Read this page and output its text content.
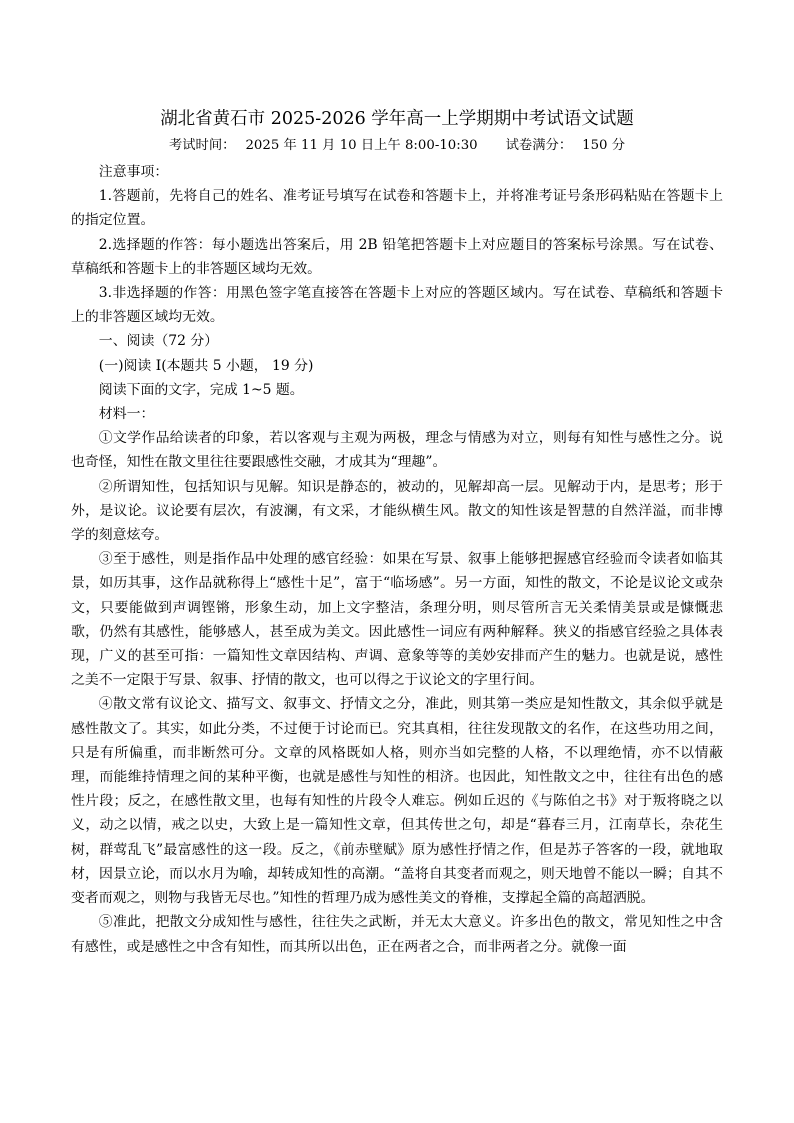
湖北省黄石市 2025-2026 学年高一上学期期中考试语文试题
考试时间： 2025 年 11 月 10 日上午 8:00-10:30 试卷满分： 150 分

注意事项：

1.答题前，先将自己的姓名、准考证号填写在试卷和答题卡上，并将准考证号条形码粘贴在答题卡上的指定位置。

2.选择题的作答：每小题选出答案后，用 2B 铅笔把答题卡上对应题目的答案标号涂黑。写在试卷、草稿纸和答题卡上的非答题区域均无效。

3.非选择题的作答：用黑色签字笔直接答在答题卡上对应的答题区域内。写在试卷、草稿纸和答题卡上的非答题区域均无效。

一、阅读（72 分）

(一)阅读 I(本题共 5 小题， 19 分)

阅读下面的文字，完成 1~5 题。

材料一：

①文学作品给读者的印象，若以客观与主观为两极，理念与情感为对立，则每有知性与感性之分。说也奇怪，知性在散文里往往要跟感性交融，才成其为“理趣”。

②所谓知性，包括知识与见解。知识是静态的，被动的，见解却高一层。见解动于内，是思考；形于外，是议论。议论要有层次，有波澜，有文采，才能纵横生风。散文的知性该是智慧的自然洋溢，而非博学的刻意炫夸。

③至于感性，则是指作品中处理的感官经验：如果在写景、叙事上能够把握感官经验而令读者如临其景，如历其事，这作品就称得上“感性十足”，富于“临场感”。另一方面，知性的散文，不论是议论文或杂文，只要能做到声调铿锵，形象生动，加上文字整洁，条理分明，则尽管所言无关柔情美景或是慷慨悲歌，仍然有其感性，能够感人，甚至成为美文。因此感性一词应有两种解释。狭义的指感官经验之具体表现，广义的甚至可指：一篇知性文章因结构、声调、意象等等的美妙安排而产生的魅力。也就是说，感性之美不一定限于写景、叙事、抒情的散文，也可以得之于议论文的字里行间。

④散文常有议论文、描写文、叙事文、抒情文之分，准此，则其第一类应是知性散文，其余似乎就是感性散文了。其实，如此分类，不过便于讨论而已。究其真相，往往发现散文的名作，在这些功用之间，只是有所偏重，而非断然可分。文章的风格既如人格，则亦当如完整的人格，不以理绝情，亦不以情蔽理，而能维持情理之间的某种平衡，也就是感性与知性的相济。也因此，知性散文之中，往往有出色的感性片段；反之，在感性散文里，也每有知性的片段令人难忘。例如丘迟的《与陈伯之书》对于叛将晓之以义，动之以情，戒之以史，大致上是一篇知性文章，但其传世之句，却是“暮春三月，江南草长，杂花生树，群莺乱飞”最富感性的这一段。反之，《前赤壁赋》原为感性抒情之作，但是苏子答客的一段，就地取材，因景立论，而以水月为喻，却转成知性的高潮。“盖将自其变者而观之，则天地曾不能以一瞬；自其不变者而观之，则物与我皆无尽也。”知性的哲理乃成为感性美文的脊椎，支撑起全篇的高超洒脱。

⑤准此，把散文分成知性与感性，往往失之武断，并无太大意义。许多出色的散文，常见知性之中含有感性，或是感性之中含有知性，而其所以出色，正在两者之合，而非两者之分。就像一面
